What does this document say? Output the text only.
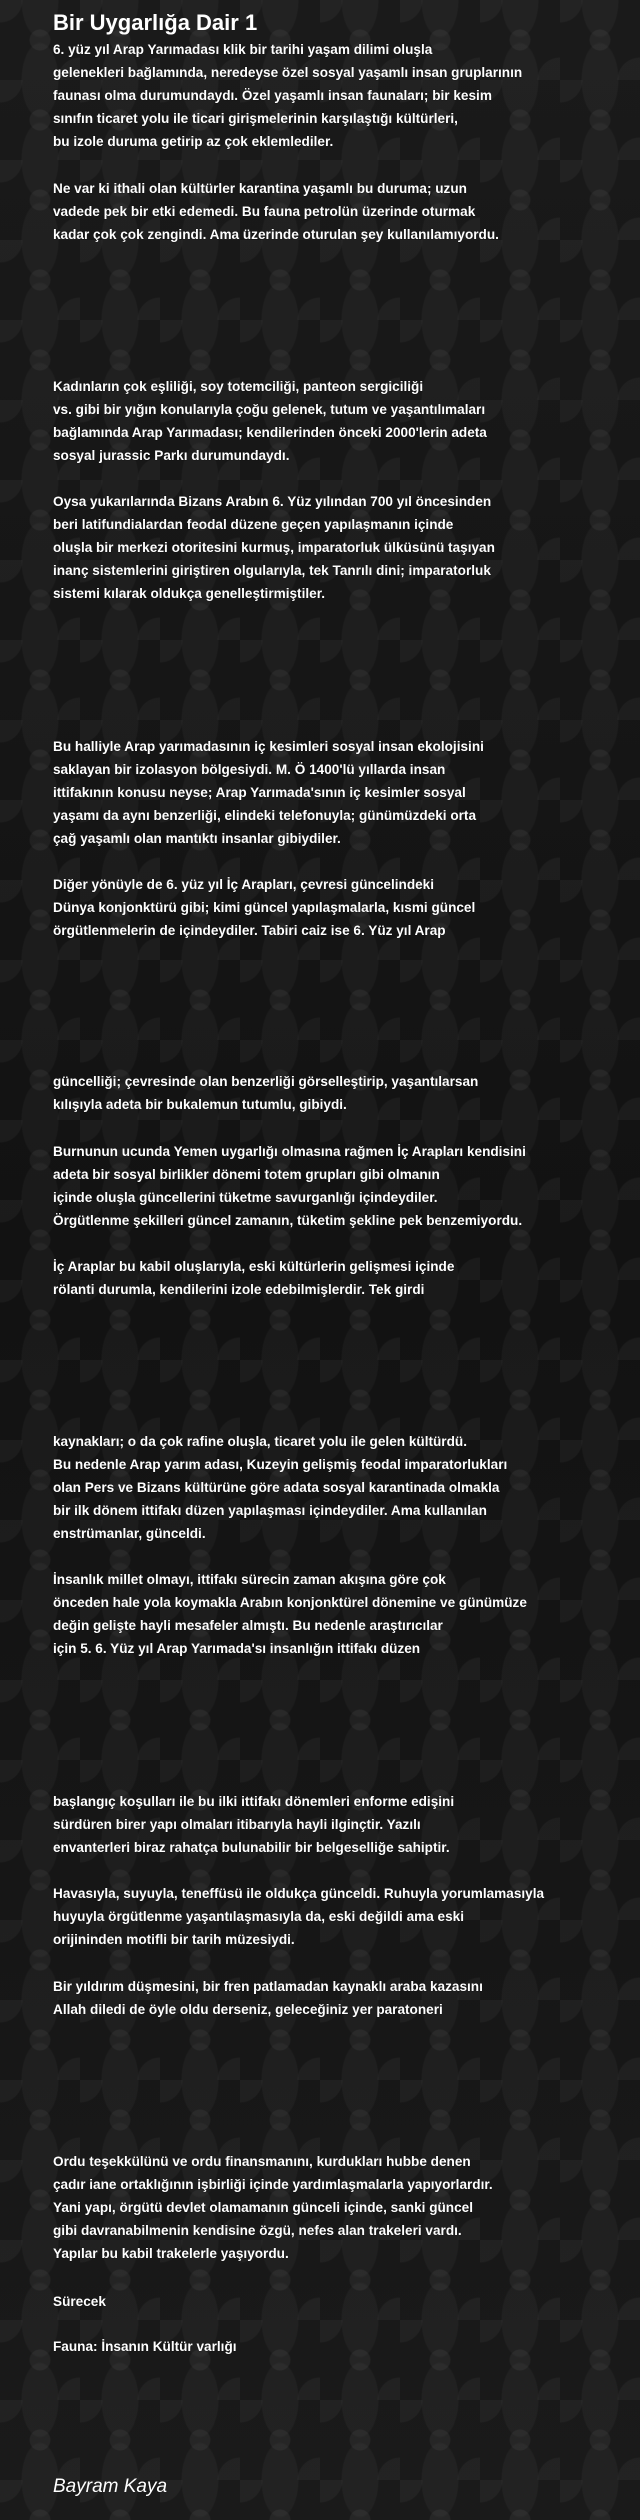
Bir Uygarlığa Dair 1
6. yüz yıl Arap Yarımadası klik bir tarihi yaşam dilimi oluşla
gelenekleri bağlamında, neredeyse özel sosyal yaşamlı insan gruplarının
faunası olma durumundaydı. Özel yaşamlı insan faunaları; bir kesim
sınıfın ticaret yolu ile ticari girişmelerinin karşılaştığı kültürleri,
bu izole duruma getirip az çok eklemlediler.
Ne var ki ithali olan kültürler karantina yaşamlı bu duruma; uzun
vadede pek bir etki edemedi. Bu fauna petrolün üzerinde oturmak
kadar çok çok zengindi. Ama üzerinde oturulan şey kullanılamıyordu.
Kadınların çok eşliliği, soy totemciliği, panteon sergiciliği
vs. gibi bir yığın konularıyla çoğu gelenek, tutum ve yaşantılımaları
bağlamında Arap Yarımadası; kendilerinden önceki 2000'lerin adeta
sosyal jurassic Parkı durumundaydı.
Oysa yukarılarında Bizans Arabın 6. Yüz yılından 700 yıl öncesinden
beri latifundialardan feodal düzene geçen yapılaşmanın içinde
oluşla bir merkezi otoritesini kurmuş, imparatorluk ülküsünü taşıyan
inanç sistemlerini giriştiren olgularıyla, tek Tanrılı dini; imparatorluk
sistemi kılarak oldukça genelleştirmiştiler.
Bu halliyle Arap yarımadasının iç kesimleri sosyal insan ekolojisini
saklayan bir izolasyon bölgesiydi. M. Ö 1400'lü yıllarda insan
ittifakının konusu neyse; Arap Yarımada'sının iç kesimler sosyal
yaşamı da aynı benzerliği, elindeki telefonuyla; günümüzdeki orta
çağ yaşamlı olan mantıktı insanlar gibiydiler.
Diğer yönüyle de 6. yüz yıl İç Arapları, çevresi güncelindeki
Dünya konjonktürü gibi; kimi güncel yapılaşmalarla, kısmi güncel
örgütlenmelerin de içindeydiler. Tabiri caiz ise 6. Yüz yıl Arap
güncelliği; çevresinde olan benzerliği görselleştirip, yaşantılarsan
kılışıyla adeta bir bukalemun tutumlu, gibiydi.
Burnunun ucunda Yemen uygarlığı olmasına rağmen İç Arapları kendisini
adeta bir sosyal birlikler dönemi totem grupları gibi olmanın
içinde oluşla güncellerini tüketme savurganlığı içindeydiler.
Örgütlenme şekilleri güncel zamanın, tüketim şekline pek benzemiyordu.
İç Araplar bu kabil oluşlarıyla, eski kültürlerin gelişmesi içinde
rölanti durumla, kendilerini izole edebilmişlerdir. Tek girdi
kaynakları; o da çok rafine oluşla, ticaret yolu ile gelen kültürdü.
Bu nedenle Arap yarım adası, Kuzeyin gelişmiş feodal imparatorlukları
olan Pers ve Bizans kültürüne göre adata sosyal karantinada olmakla
bir ilk dönem ittifakı düzen yapılaşması içindeydiler. Ama kullanılan
enstrümanlar, günceldi.
İnsanlık millet olmayı, ittifakı sürecin zaman akışına göre çok
önceden hale yola koymakla Arabın konjonktürel dönemine ve günümüze
değin gelişte hayli mesafeler almıştı. Bu nedenle araştırıcılar
için 5. 6. Yüz yıl Arap Yarımada'sı insanlığın ittifakı düzen
başlangıç koşulları ile bu ilki ittifakı dönemleri enforme edişini
sürdüren birer yapı olmaları itibarıyla hayli ilginçtir. Yazılı
envanterleri biraz rahatça bulunabilir bir belgeselliğe sahiptir.
Havasıyla, suyuyla, teneffüsü ile oldukça günceldi. Ruhuyla yorumlamasıyla
huyuyla örgütlenme yaşantılaşmasıyla da, eski değildi ama eski
orijininden motifli bir tarih müzesiydi.
Bir yıldırım düşmesini, bir fren patlamadan kaynaklı araba kazasını
Allah diledi de öyle oldu derseniz, geleceğiniz yer paratoneri
Ordu teşekkülünü ve ordu finansmanını, kurdukları hubbe denen
çadır iane ortaklığının işbirliği içinde yardımlaşmalarla yapıyorlardır.
Yani yapı, örgütü devlet olamamanın günceli içinde, sanki güncel
gibi davranabilmenin kendisine özgü, nefes alan trakeleri vardı.
Yapılar bu kabil trakelerle yaşıyordu.
Sürecek
Fauna: İnsanın Kültür varlığı
Bayram Kaya
